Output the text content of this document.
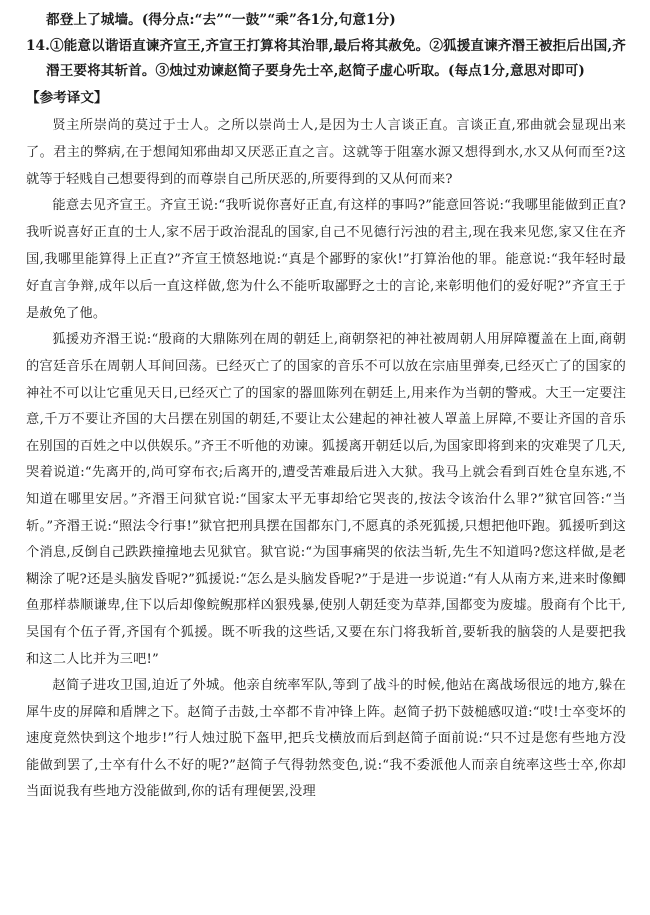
都登上了城墙。(得分点:“去”“一鼓”“乘”各1分,句意1分)

14.①能意以谐语直谏齐宣王,齐宣王打算将其治罪,最后将其赦免。②狐援直谏齐湣王被拒后出国,齐湣王要将其斩首。③烛过劝谏赵简子要身先士卒,赵简子虚心听取。(每点1分,意思对即可)

【参考译文】

贤主所崇尚的莫过于士人。之所以崇尚士人,是因为士人言谈正直。言谈正直,邪曲就会显现出来了。君主的弊病,在于想闻知邪曲却又厌恶正直之言。这就等于阻塞水源又想得到水,水又从何而至?这就等于轻贱自己想要得到的而尊崇自己所厌恶的,所要得到的又从何而来?

能意去见齐宣王。齐宣王说:“我听说你喜好正直,有这样的事吗?”能意回答说:“我哪里能做到正直?我听说喜好正直的士人,家不居于政治混乱的国家,自己不见德行污浊的君主,现在我来见您,家又住在齐国,我哪里能算得上正直?”齐宣王愤怒地说:“真是个鄙野的家伙!”打算治他的罪。能意说:“我年轻时最好直言争辩,成年以后一直这样做,您为什么不能听取鄙野之士的言论,来彰明他们的爱好呢?”齐宣王于是赦免了他。

狐援劝齐湣王说:“殷商的大鼎陈列在周的朝廷上,商朝祭祀的神社被周朝人用屏障覆盖在上面,商朝的宫廷音乐在周朝人耳间回荡。已经灭亡了的国家的音乐不可以放在宗庙里弹奏,已经灭亡了的国家的神社不可以让它重见天日,已经灭亡了的国家的器皿陈列在朝廷上,用来作为当朝的警戒。大王一定要注意,千万不要让齐国的大吕摆在别国的朝廷,不要让太公建起的神社被人罩盖上屏障,不要让齐国的音乐在别国的百姓之中以供娱乐。”齐王不听他的劝谏。狐援离开朝廷以后,为国家即将到来的灾难哭了几天,哭着说道:“先离开的,尚可穿布衣;后离开的,遭受苦难最后进入大狱。我马上就会看到百姓仓皇东逃,不知道在哪里安居。”齐湣王问狱官说:“国家太平无事却给它哭丧的,按法令该治什么罪?”狱官回答:“当斩。”齐湣王说:“照法令行事!”狱官把刑具摆在国都东门,不愿真的杀死狐援,只想把他吓跑。狐援听到这个消息,反倒自己跌跌撞撞地去见狱官。狱官说:“为国事痛哭的依法当斩,先生不知道吗?您这样做,是老糊涂了呢?还是头脑发昏呢?”狐援说:“怎么是头脑发昏呢?”于是进一步说道:“有人从南方来,进来时像鲫鱼那样恭顺谦卑,住下以后却像鲩鲵那样凶狠残暴,使别人朝廷变为草莽,国都变为废墟。殷商有个比干,吴国有个伍子胥,齐国有个狐援。既不听我的这些话,又要在东门将我斩首,要斩我的脑袋的人是要把我和这二人比并为三吧!”

赵简子进攻卫国,迫近了外城。他亲自统率军队,等到了战斗的时候,他站在离战场很远的地方,躲在犀牛皮的屏障和盾牌之下。赵简子击鼓,士卒都不肯冲锋上阵。赵简子扔下鼓槌感叹道:“哎!士卒变坏的速度竟然快到这个地步!”行人烛过脱下盔甲,把兵戈横放而后到赵简子面前说:“只不过是您有些地方没能做到罢了,士卒有什么不好的呢?”赵简子气得勃然变色,说:“我不委派他人而亲自统率这些士卒,你却当面说我有些地方没能做到,你的话有理便罢,没理
